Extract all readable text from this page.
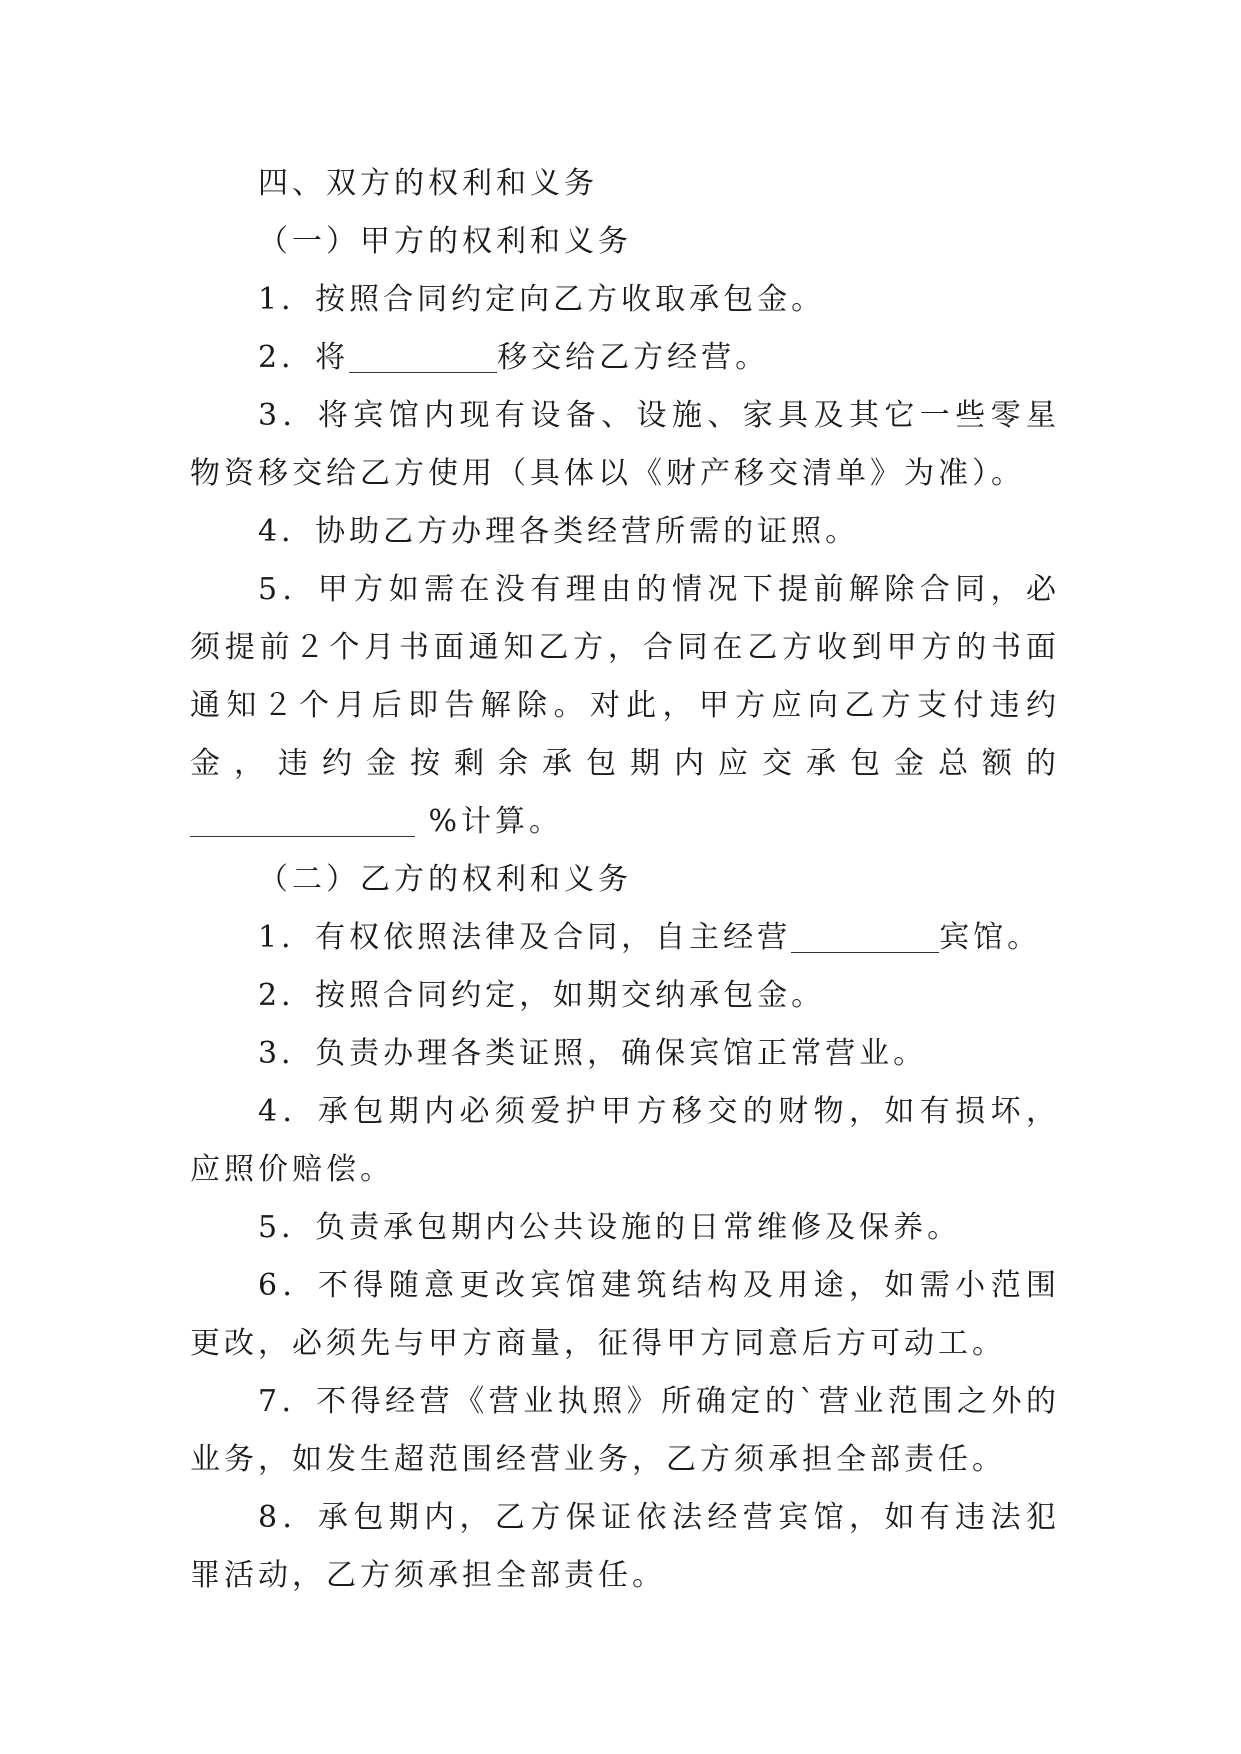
四、双方的权利和义务

（一）甲方的权利和义务

1．按照合同约定向乙方收取承包金。

2．将	移交给乙方经营。

3．将宾馆内现有设备、设施、家具及其它一些零星物资移交给乙方使用（具体以《财产移交清单》为准）。

4．协助乙方办理各类经营所需的证照。

5．甲方如需在没有理由的情况下提前解除合同，必须提前２个月书面通知乙方，合同在乙方收到甲方的书面通知２个月后即告解除。对此，甲方应向乙方支付违约金，违约金按剩余承包期内应交承包金总额的 %计算。

（二）乙方的权利和义务

1．有权依照法律及合同，自主经营	宾馆。

2．按照合同约定，如期交纳承包金。

3．负责办理各类证照，确保宾馆正常营业。

4．承包期内必须爱护甲方移交的财物，如有损坏，应照价赔偿。

5．负责承包期内公共设施的日常维修及保养。

6．不得随意更改宾馆建筑结构及用途，如需小范围更改，必须先与甲方商量，征得甲方同意后方可动工。

7．不得经营《营业执照》所确定的`营业范围之外的业务，如发生超范围经营业务，乙方须承担全部责任。

8．承包期内，乙方保证依法经营宾馆，如有违法犯罪活动，乙方须承担全部责任。
